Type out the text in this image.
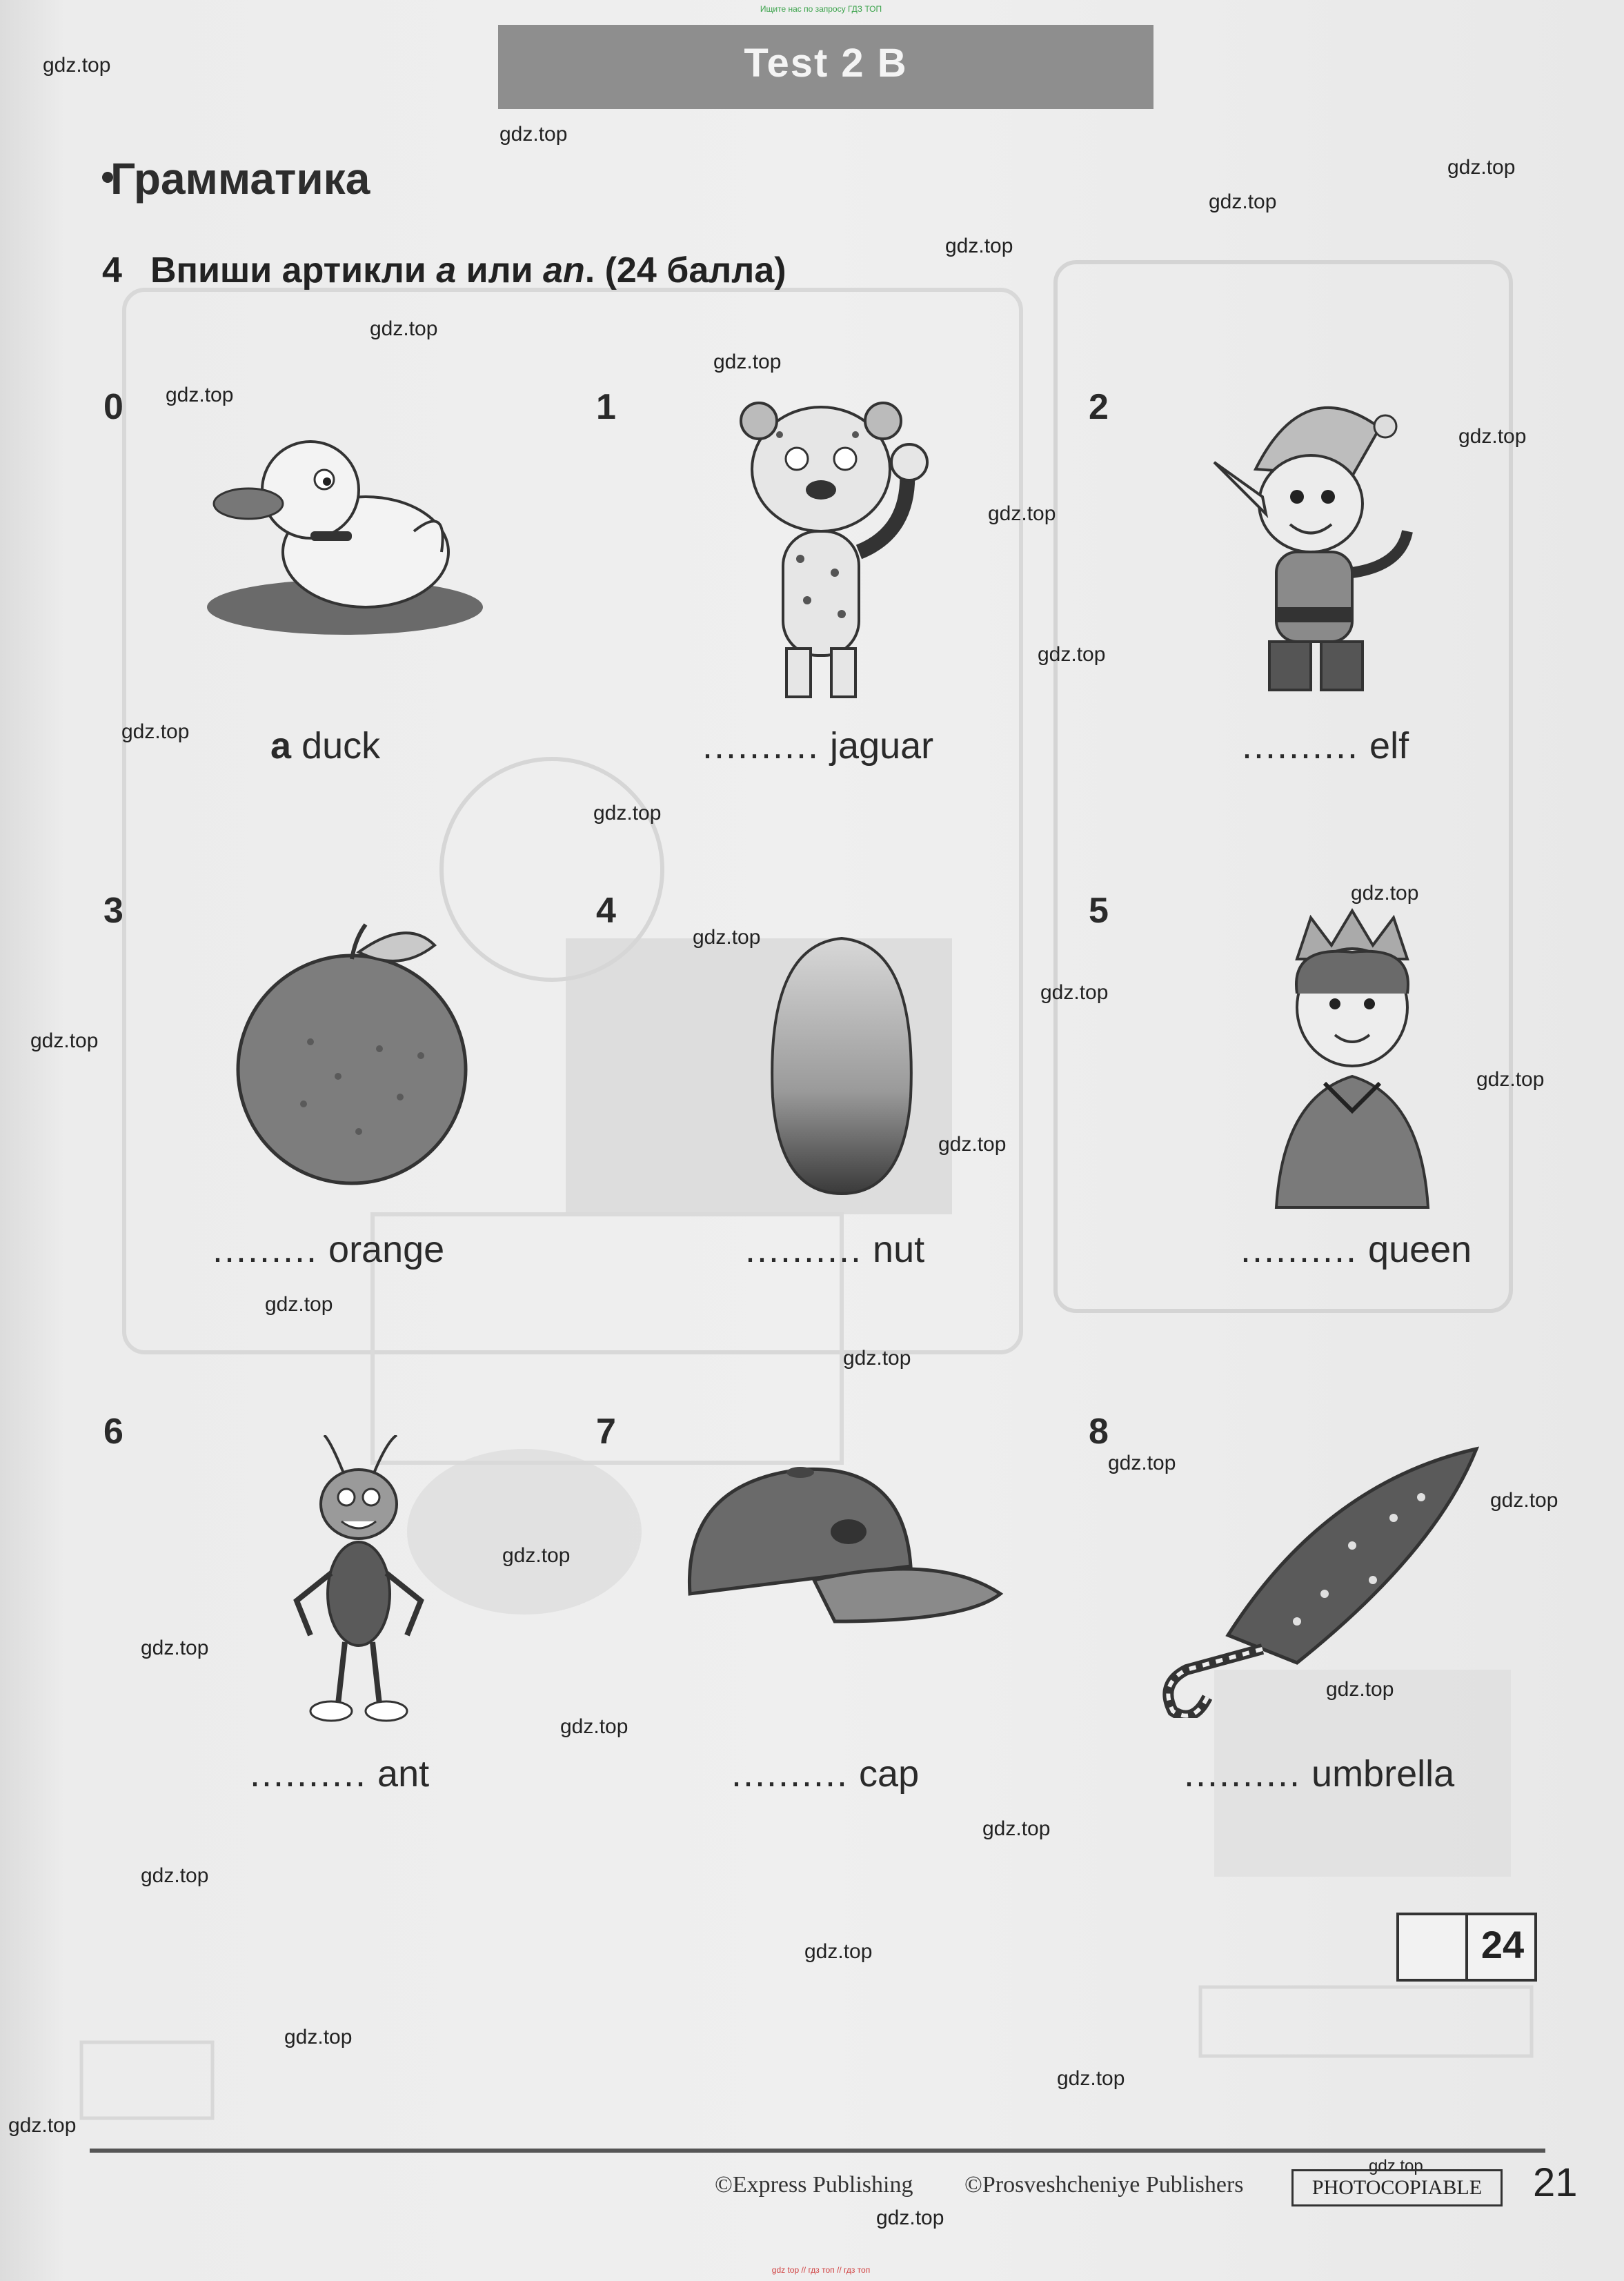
Ищите нас по запросу ГДЗ ТОП
Test 2 B
Грамматика
4 Впиши артикли a или an. (24 балла)
0
a duck
1
.......... jaguar
2
.......... elf
3
......... orange
4
.......... nut
5
.......... queen
6
.......... ant
7
.......... cap
8
.......... umbrella
24
gdz.top
gdz.top
gdz.top
gdz.top
gdz.top
gdz.top
gdz.top
gdz.top
gdz.top
gdz.top
gdz.top
gdz.top
gdz.top
gdz.top
gdz.top
gdz.top
gdz.top
gdz.top
gdz.top
gdz.top
gdz.top
gdz.top
gdz.top
gdz.top
gdz.top
gdz.top
gdz.top
gdz.top
gdz.top
gdz.top
gdz.top
gdz.top
gdz.top
gdz.top
gdz.top
©Express Publishing ©Prosveshcheniye Publishers	PHOTOCOPIABLE	21
gdz top // гдз топ // гдз топ
